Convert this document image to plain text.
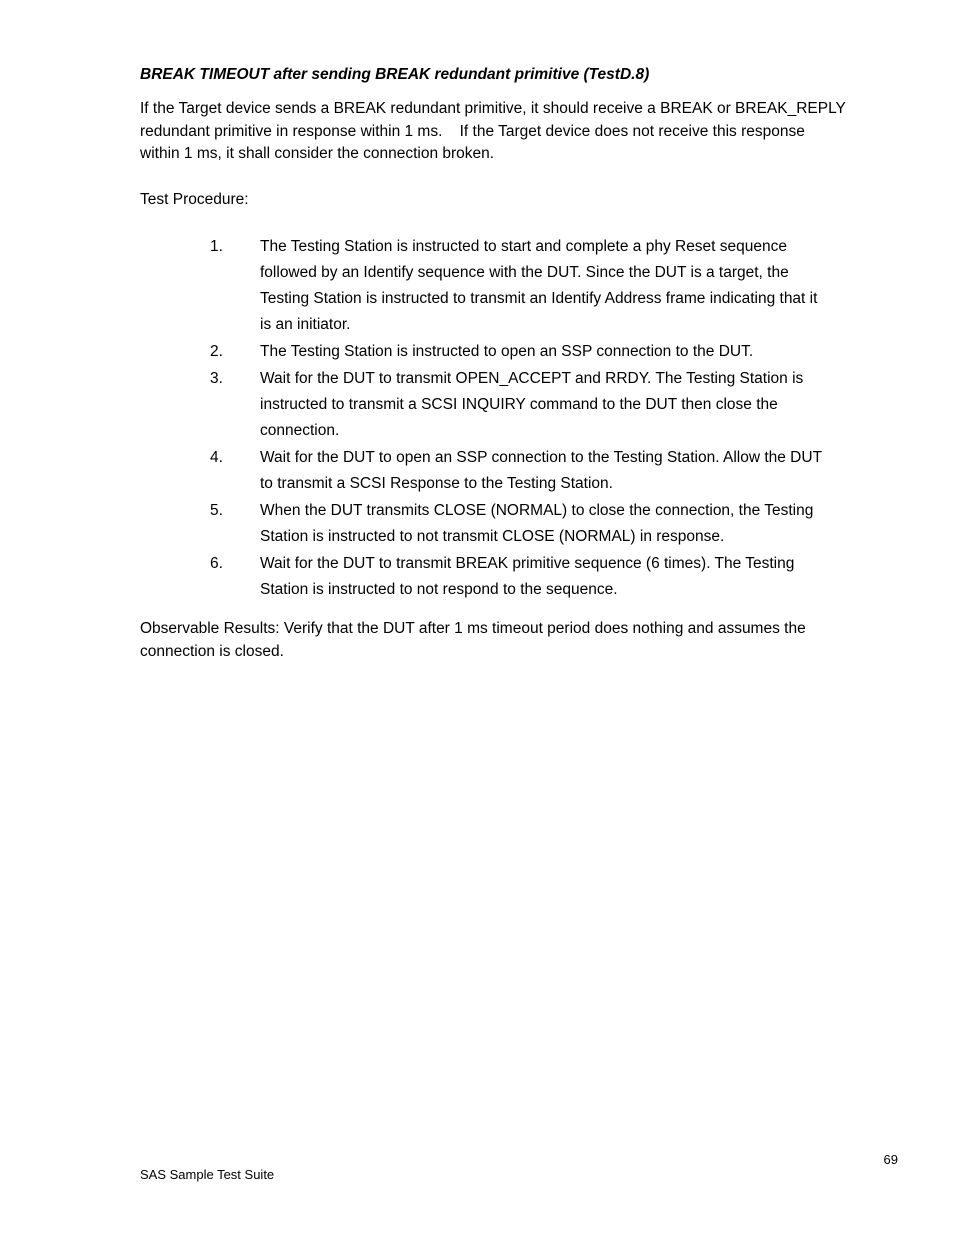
BREAK TIMEOUT after sending BREAK redundant primitive (TestD.8)
If the Target device sends a BREAK redundant primitive, it should receive a BREAK or BREAK_REPLY
redundant primitive in response within 1 ms.    If the Target device does not receive this response
within 1 ms, it shall consider the connection broken.
Test Procedure:
1. The Testing Station is instructed to start and complete a phy Reset sequence
followed by an Identify sequence with the DUT. Since the DUT is a target, the
Testing Station is instructed to transmit an Identify Address frame indicating that it
is an initiator.
2. The Testing Station is instructed to open an SSP connection to the DUT.
3. Wait for the DUT to transmit OPEN_ACCEPT and RRDY. The Testing Station is
instructed to transmit a SCSI INQUIRY command to the DUT then close the
connection.
4. Wait for the DUT to open an SSP connection to the Testing Station. Allow the DUT
to transmit a SCSI Response to the Testing Station.
5. When the DUT transmits CLOSE (NORMAL) to close the connection, the Testing
Station is instructed to not transmit CLOSE (NORMAL) in response.
6. Wait for the DUT to transmit BREAK primitive sequence (6 times). The Testing
Station is instructed to not respond to the sequence.
Observable Results: Verify that the DUT after 1 ms timeout period does nothing and assumes the
connection is closed.
69
SAS Sample Test Suite
